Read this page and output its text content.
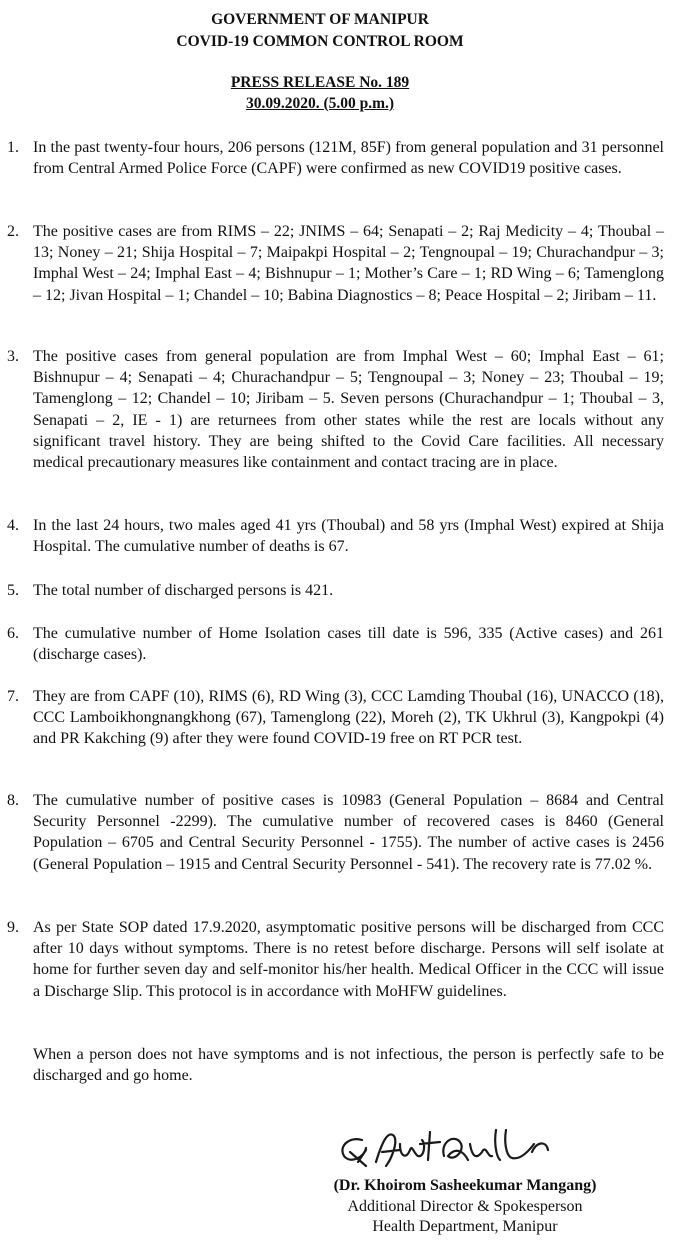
GOVERNMENT OF MANIPUR
COVID-19 COMMON CONTROL ROOM
PRESS RELEASE No. 189
30.09.2020. (5.00 p.m.)
1. In the past twenty-four hours, 206 persons (121M, 85F) from general population and 31 personnel from Central Armed Police Force (CAPF) were confirmed as new COVID19 positive cases.
2. The positive cases are from RIMS – 22; JNIMS – 64; Senapati – 2; Raj Medicity – 4; Thoubal – 13; Noney – 21; Shija Hospital – 7; Maipakpi Hospital – 2; Tengnoupal – 19; Churachandpur – 3; Imphal West – 24; Imphal East – 4; Bishnupur – 1; Mother’s Care – 1; RD Wing – 6; Tamenglong – 12; Jivan Hospital – 1; Chandel – 10; Babina Diagnostics – 8; Peace Hospital – 2; Jiribam – 11.
3. The positive cases from general population are from Imphal West – 60; Imphal East – 61; Bishnupur – 4; Senapati – 4; Churachandpur – 5; Tengnoupal – 3; Noney – 23; Thoubal – 19; Tamenglong – 12; Chandel – 10; Jiribam – 5. Seven persons (Churachandpur – 1; Thoubal – 3, Senapati – 2, IE - 1) are returnees from other states while the rest are locals without any significant travel history. They are being shifted to the Covid Care facilities. All necessary medical precautionary measures like containment and contact tracing are in place.
4. In the last 24 hours, two males aged 41 yrs (Thoubal) and 58 yrs (Imphal West) expired at Shija Hospital. The cumulative number of deaths is 67.
5. The total number of discharged persons is 421.
6. The cumulative number of Home Isolation cases till date is 596, 335 (Active cases) and 261 (discharge cases).
7. They are from CAPF (10), RIMS (6), RD Wing (3), CCC Lamding Thoubal (16), UNACCO (18), CCC Lamboikhongnangkhong (67), Tamenglong (22), Moreh (2), TK Ukhrul (3), Kangpokpi (4) and PR Kakching (9) after they were found COVID-19 free on RT PCR test.
8. The cumulative number of positive cases is 10983 (General Population – 8684 and Central Security Personnel -2299). The cumulative number of recovered cases is 8460 (General Population – 6705 and Central Security Personnel - 1755). The number of active cases is 2456 (General Population – 1915 and Central Security Personnel - 541). The recovery rate is 77.02 %.
9. As per State SOP dated 17.9.2020, asymptomatic positive persons will be discharged from CCC after 10 days without symptoms. There is no retest before discharge. Persons will self isolate at home for further seven day and self-monitor his/her health. Medical Officer in the CCC will issue a Discharge Slip. This protocol is in accordance with MoHFW guidelines.
When a person does not have symptoms and is not infectious, the person is perfectly safe to be discharged and go home.
(Dr. Khoirom Sasheekumar Mangang)
Additional Director & Spokesperson
Health Department, Manipur
